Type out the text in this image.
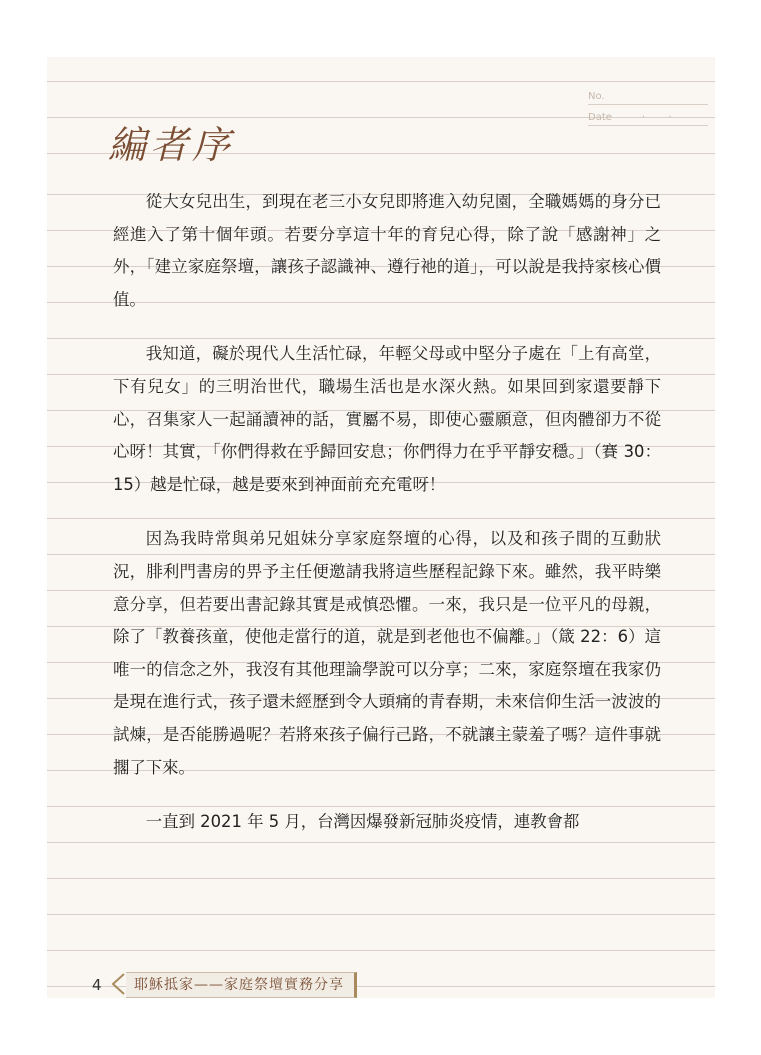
No.
Date	· ·
編者序

從大女兒出生，到現在老三小女兒即將進入幼兒園，全職媽媽的身分已經進入了第十個年頭。若要分享這十年的育兒心得，除了說「感謝神」之外，「建立家庭祭壇，讓孩子認識神、遵行祂的道」，可以說是我持家核心價值。

我知道，礙於現代人生活忙碌，年輕父母或中堅分子處在「上有高堂，下有兒女」的三明治世代，職場生活也是水深火熱。如果回到家還要靜下心，召集家人一起誦讀神的話，實屬不易，即使心靈願意，但肉體卻力不從心呀！其實，「你們得救在乎歸回安息；你們得力在乎平靜安穩。」（賽 30：15）越是忙碌，越是要來到神面前充充電呀！

因為我時常與弟兄姐妹分享家庭祭壇的心得，以及和孩子間的互動狀況，腓利門書房的畀予主任便邀請我將這些歷程記錄下來。雖然，我平時樂意分享，但若要出書記錄其實是戒慎恐懼。一來，我只是一位平凡的母親，除了「教養孩童，使他走當行的道，就是到老他也不偏離。」（箴 22：6）這唯一的信念之外，我沒有其他理論學說可以分享；二來，家庭祭壇在我家仍是現在進行式，孩子還未經歷到令人頭痛的青春期，未來信仰生活一波波的試煉，是否能勝過呢？若將來孩子偏行己路，不就讓主蒙羞了嗎？這件事就擱了下來。

一直到 2021 年 5 月，台灣因爆發新冠肺炎疫情，連教會都

4	耶穌抵家——家庭祭壇實務分享
